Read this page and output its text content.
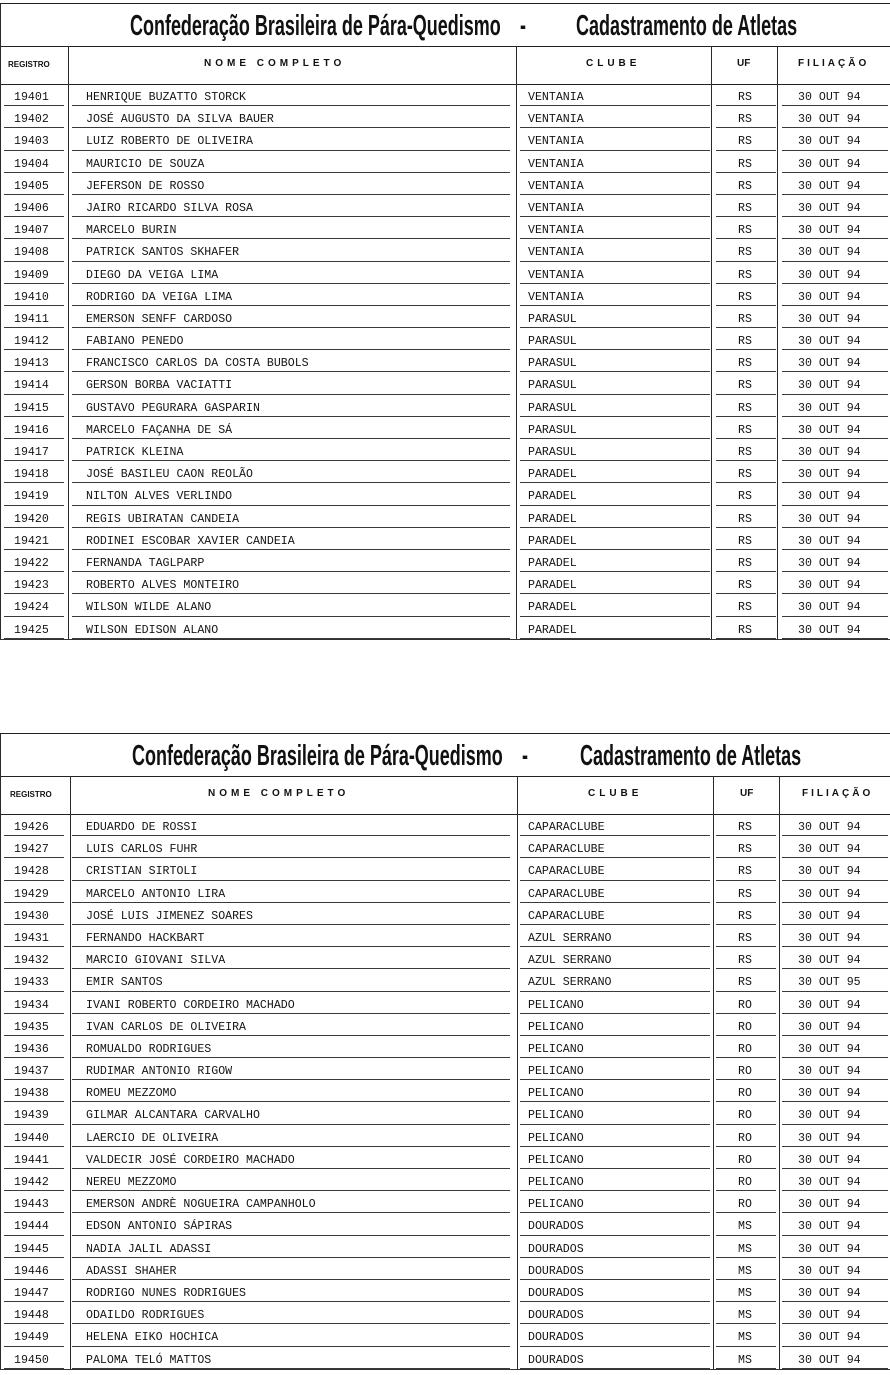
Confederação Brasileira de Pára-Quedismo - Cadastramento de Atletas
REGISTRO	NOME COMPLETO	CLUBE	UF	FILIAÇÃO
19401	HENRIQUE BUZATTO STORCK	VENTANIA	RS	30 OUT 94
19402	JOSÉ AUGUSTO DA SILVA BAUER	VENTANIA	RS	30 OUT 94
19403	LUIZ ROBERTO DE OLIVEIRA	VENTANIA	RS	30 OUT 94
19404	MAURICIO DE SOUZA	VENTANIA	RS	30 OUT 94
19405	JEFERSON DE ROSSO	VENTANIA	RS	30 OUT 94
19406	JAIRO RICARDO SILVA ROSA	VENTANIA	RS	30 OUT 94
19407	MARCELO BURIN	VENTANIA	RS	30 OUT 94
19408	PATRICK SANTOS SKHAFER	VENTANIA	RS	30 OUT 94
19409	DIEGO DA VEIGA LIMA	VENTANIA	RS	30 OUT 94
19410	RODRIGO DA VEIGA LIMA	VENTANIA	RS	30 OUT 94
19411	EMERSON SENFF CARDOSO	PARASUL	RS	30 OUT 94
19412	FABIANO PENEDO	PARASUL	RS	30 OUT 94
19413	FRANCISCO CARLOS DA COSTA BUBOLS	PARASUL	RS	30 OUT 94
19414	GERSON BORBA VACIATTI	PARASUL	RS	30 OUT 94
19415	GUSTAVO PEGURARA GASPARIN	PARASUL	RS	30 OUT 94
19416	MARCELO FAÇANHA DE SÁ	PARASUL	RS	30 OUT 94
19417	PATRICK KLEINA	PARASUL	RS	30 OUT 94
19418	JOSÉ BASILEU CAON REOLÃO	PARADEL	RS	30 OUT 94
19419	NILTON ALVES VERLINDO	PARADEL	RS	30 OUT 94
19420	REGIS UBIRATAN CANDEIA	PARADEL	RS	30 OUT 94
19421	RODINEI ESCOBAR XAVIER CANDEIA	PARADEL	RS	30 OUT 94
19422	FERNANDA TAGLPARP	PARADEL	RS	30 OUT 94
19423	ROBERTO ALVES MONTEIRO	PARADEL	RS	30 OUT 94
19424	WILSON WILDE ALANO	PARADEL	RS	30 OUT 94
19425	WILSON EDISON ALANO	PARADEL	RS	30 OUT 94
Confederação Brasileira de Pára-Quedismo - Cadastramento de Atletas
REGISTRO	NOME COMPLETO	CLUBE	UF	FILIAÇÃO
19426	EDUARDO DE ROSSI	CAPARACLUBE	RS	30 OUT 94
19427	LUIS CARLOS FUHR	CAPARACLUBE	RS	30 OUT 94
19428	CRISTIAN SIRTOLI	CAPARACLUBE	RS	30 OUT 94
19429	MARCELO ANTONIO LIRA	CAPARACLUBE	RS	30 OUT 94
19430	JOSÉ LUIS JIMENEZ SOARES	CAPARACLUBE	RS	30 OUT 94
19431	FERNANDO HACKBART	AZUL SERRANO	RS	30 OUT 94
19432	MARCIO GIOVANI SILVA	AZUL SERRANO	RS	30 OUT 94
19433	EMIR SANTOS	AZUL SERRANO	RS	30 OUT 95
19434	IVANI ROBERTO CORDEIRO MACHADO	PELICANO	RO	30 OUT 94
19435	IVAN CARLOS DE OLIVEIRA	PELICANO	RO	30 OUT 94
19436	ROMUALDO RODRIGUES	PELICANO	RO	30 OUT 94
19437	RUDIMAR ANTONIO RIGOW	PELICANO	RO	30 OUT 94
19438	ROMEU MEZZOMO	PELICANO	RO	30 OUT 94
19439	GILMAR ALCANTARA CARVALHO	PELICANO	RO	30 OUT 94
19440	LAERCIO DE OLIVEIRA	PELICANO	RO	30 OUT 94
19441	VALDECIR JOSÉ CORDEIRO MACHADO	PELICANO	RO	30 OUT 94
19442	NEREU MEZZOMO	PELICANO	RO	30 OUT 94
19443	EMERSON ANDRÈ NOGUEIRA CAMPANHOLO	PELICANO	RO	30 OUT 94
19444	EDSON ANTONIO SÁPIRAS	DOURADOS	MS	30 OUT 94
19445	NADIA JALIL ADASSI	DOURADOS	MS	30 OUT 94
19446	ADASSI SHAHER	DOURADOS	MS	30 OUT 94
19447	RODRIGO NUNES RODRIGUES	DOURADOS	MS	30 OUT 94
19448	ODAILDO RODRIGUES	DOURADOS	MS	30 OUT 94
19449	HELENA EIKO HOCHICA	DOURADOS	MS	30 OUT 94
19450	PALOMA TELÓ MATTOS	DOURADOS	MS	30 OUT 94
